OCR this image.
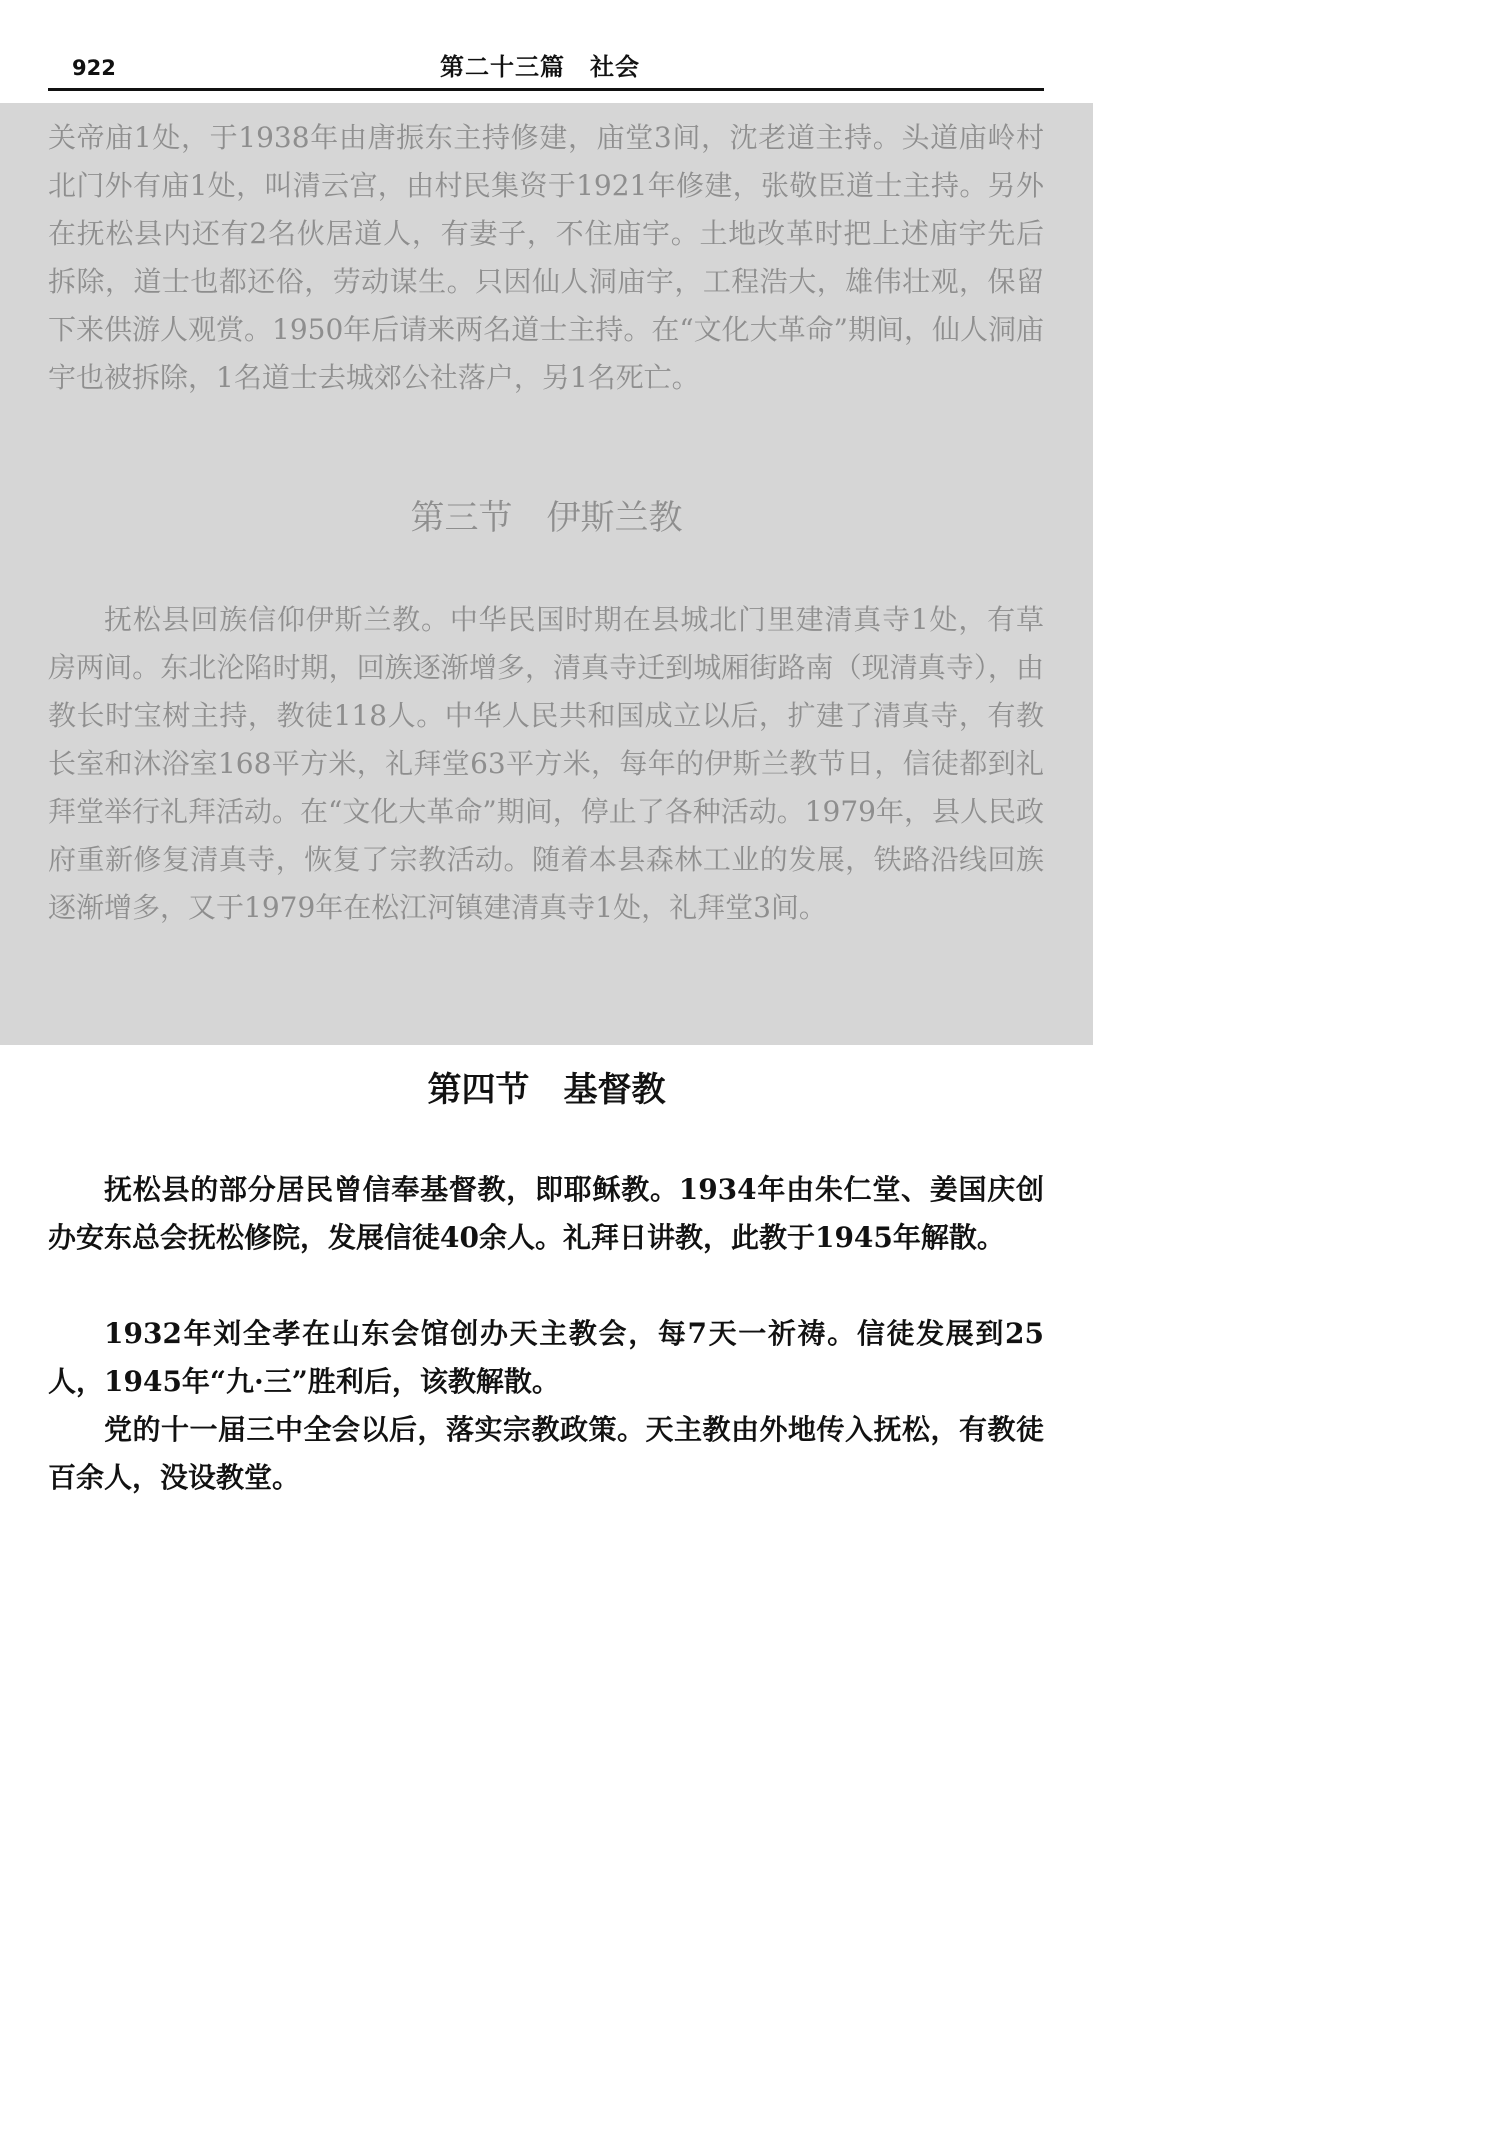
922	第二十三篇　社会

关帝庙1处，于1938年由唐振东主持修建，庙堂3间，沈老道主持。头道庙岭村北门外有庙1处，叫清云宫，由村民集资于1921年修建，张敬臣道士主持。另外在抚松县内还有2名伙居道人，有妻子，不住庙宇。土地改革时把上述庙宇先后拆除，道士也都还俗，劳动谋生。只因仙人洞庙宇，工程浩大，雄伟壮观，保留下来供游人观赏。1950年后请来两名道士主持。在“文化大革命”期间，仙人洞庙宇也被拆除，1名道士去城郊公社落户，另1名死亡。

第三节　伊斯兰教

抚松县回族信仰伊斯兰教。中华民国时期在县城北门里建清真寺1处，有草房两间。东北沦陷时期，回族逐渐增多，清真寺迁到城厢街路南（现清真寺），由教长时宝树主持，教徒118人。中华人民共和国成立以后，扩建了清真寺，有教长室和沐浴室168平方米，礼拜堂63平方米，每年的伊斯兰教节日，信徒都到礼拜堂举行礼拜活动。在“文化大革命”期间，停止了各种活动。1979年，县人民政府重新修复清真寺，恢复了宗教活动。随着本县森林工业的发展，铁路沿线回族逐渐增多，又于1979年在松江河镇建清真寺1处，礼拜堂3间。

第四节　基督教

抚松县的部分居民曾信奉基督教，即耶稣教。1934年由朱仁堂、姜国庆创办安东总会抚松修院，发展信徒40余人。礼拜日讲教，此教于1945年解散。

1932年刘全孝在山东会馆创办天主教会，每7天一祈祷。信徒发展到25人，1945年“九·三”胜利后，该教解散。

党的十一届三中全会以后，落实宗教政策。天主教由外地传入抚松，有教徒百余人，没设教堂。
